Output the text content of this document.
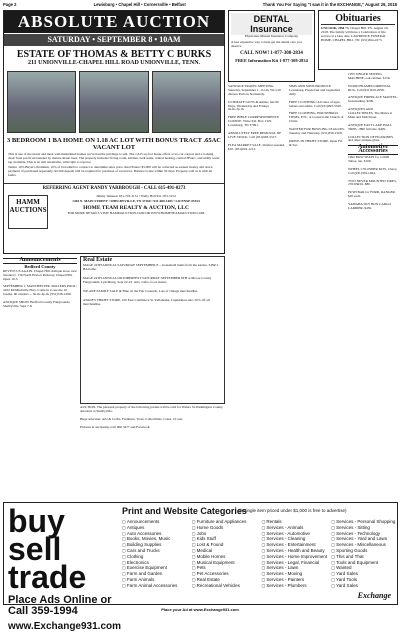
Page 2	Lewisburg • Chapel Hill • Cornersville • Belfast	Thank You For Saying "I saw it in the EXCHANGE," August 29, 2018
ABSOLUTE AUCTION
SATURDAY • SEPTEMBER 8 • 10AM
ESTATE OF THOMAS & BETTY C BURKS
211 UNIONVILLE-CHAPEL HILL ROAD UNIONVILLE, TENN.
3 BEDROOM 1 BA HOME ON 1.18 AC LOT WITH BONUS TRACT .65AC VACANT LOT

This is one of the nicest and most well-maintained homes we've had the privilege to sell. The 1,615 sq foot house offers a two car carport and a rocking chair front porch surrounded by mature shade trees. The property includes: living room, kitchen, bedrooms, central heating, central HVAC, and utility water tap available. This is an arm tenantable, with right to reprove.

Terms: 10% Buyer's Premium, 10% of bid added to contract to determine sales price. Real Estate: $5,000 will be collected as earnest money and down payment. If purchased separately, $2,500 deposit will be required for purchase of vacant lot. Balance is due within 30 days. Property sold as is with all faults.

REFERRING AGENT RANDY YARBROUGH - CALL 615-491-0273
HAMM AUCTIONS

Jimmy Jameson 931-703-3151 • Wally Hall 931-703-3154

1404 N. MAIN STREET • SHELBYVILLE, TN 37160 • 931-680-1483 • LICENSE #5154

HOME TEAM REALTY & AUCTION, LLC

FOR MORE DETAILS VISIT HAMMAUCTION.COM OR WWW.HOMETEAMAUCTION.COM

DENTAL Insurance
Physicians Mutual Insurance Company
A less expensive way to help get the dental care you deserve
CALL NOW! 1-877-308-2834
FREE Information Kit 1-877-308-2834
Obituaries
UNCOOK, JIM 76, Chapel Hill, TN. August 20, 2018. The family will have a Celebration of life service at a later date. LAWRENCE FUNERAL HOME, CHAPEL HILL TN. (931)364-2273.
Announcements
Bedford County

REVIVE US AGAIN. Chapel Hill. Antique store, new inventory. 136 North Horton Parkway, Chapel Hill. Open 10-5.

SEPTEMBER 1, MANCHESTER. MILLERS POOL: 4162 McMinnville Hwy. Come in to see the 10 booths, 60 vendors ... 9a.m.-4p.m. (931)728-1490.

ANTIQUE SHOW. Bedford County Fairgrounds, Shelbyville. Sept 7-8.

Real Estate

MAGE 24TH ANNUAL SATURDAY SEPTEMBER 8 ... household items from the estates. 3-BR 2 BA home.

MAGE 24TH ANNUAL OKTOBERFEST SATURDAY SEPTEMBER 8TH at Moore County Fairgrounds, Lynchburg. Sept 22-23. Arts, crafts, food, music.

WE ARE FAMILY SALE & Blue on the Fair Grounds. Lots of vintage merchandise.

ANGIE'S THRIFT STORE, 100 East Commerce St. Tullahoma, Liquidation sale. 50% off all merchandise.

AUCTION. The personal property of the following parties will be sold for Waters St-Washington County Auctions at Shelbyville.

Huge selection: Arts & Crafts, Furniture, Tools, Collectibles, Coins. 10 a.m.

Pictures at auctionzip.com ID# 3477 and Facebook.

VANTAGE TRAVEL MEETING. Saturday, September 1, 11a.m. We will discuss Paris in Normandy.

ULTIMATE GUNS & Ammo, has 60 Days, Wednesday and Fridays 9a.m.-5p.m.

FREE BIBLE CORRESPONDENCE COURSE. Write P.O. Box 1325, Lewisburg, TN 37091.

ABSOLUTELY FREE REMOVAL OF LIVE STOCK. Call (931)993-5517.

FLEA MARKET SALE. Vendors needed, $10. (931)619-1213.

SIMS AND SONS PRODUCE Lewisburg. Fresh fruit and vegetables daily.

FREE CLOTHING! All sizes of ages, babies and adults. Call (931)993-5520.

FREE CLOTHING, HOUSEHOLD ITEMS, ETC. at Cornersville Church of Christ.

WANTED FOR BOWLING LEAGUES. Tuesday and Thursday. (931)359-1500.

DRIVE-IN THRIFT STORE. Open Fri & Sat.

1955 SINGER SEWING MACHINE, oak cabinet. $150.

WOOD FRAMED ORIENTAL RUG. Call (931)619-2058.

ANTIQUE FIREPLACE MANTEL, freestanding. $200.

ANTIQUES AND COLLECTIBLES. The Mules at Main and Mill Street.

ANTIQUE EAST LAKE HALL TREE, 1890 full size. $495.

COLLECTION OF FIGURINES and other antique glass.

Automotive Accessories

1992 BOW SEATS for a 2009 Tahoe, tan. $100.

WHEEL CYLINDER KITS, Chevy. Call (931)359-1494.

TWO NEVER MOUNTED TIRES, 235/65R16. $80.

PUSH BAR for FORD, RANGER. $45 each.

YAMAHA SKY BOX CARGO CARRIER, $450.

buy sell trade
Place Ads Online or Call 359-1994
www.Exchange931.com
Print and Website Categories
(a single item priced under $1,000 is free to advertise)
▢ Announcements
▢ Antiques
▢ Auto Accessories
▢ Books, Movies, Music
▢ Building Supplies
▢ Cars and Trucks
▢ Clothing
▢ Electronics
▢ Exercise Equipment
▢ Farm and Garden
▢ Farm Animals
▢ Farm Animal Accessories
▢ Furniture and Appliances
▢ Home Goods
▢ Jobs
▢ Kids Stuff
▢ Lost & Found
▢ Medical
▢ Mobile Homes
▢ Musical Equipment
▢ Pets
▢ Pet Accessories
▢ Real Estate
▢ Recreational Vehicles
▢ Rentals
▢ Services - Animals
▢ Services - Automotive
▢ Services - Cleaning
▢ Services - Entertainment
▢ Services - Health and Beauty
▢ Services - Home Improvement
▢ Services - Legal, Financial
▢ Services - Lawn
▢ Services - Moving
▢ Services - Painters
▢ Services - Plumbers
▢ Services - Personal Shopping
▢ Services - Sitting
▢ Services - Technology
▢ Services - Yard and Lawn
▢ Services - Miscellaneous
▢ Sporting Goods
▢ This and That
▢ Tools and Equipment
▢ Wanted
▢ Yard Sales
▢ Yard Tools
▢ Yard Sales
Exchange
Place your Ad at www.Exchange931.com
